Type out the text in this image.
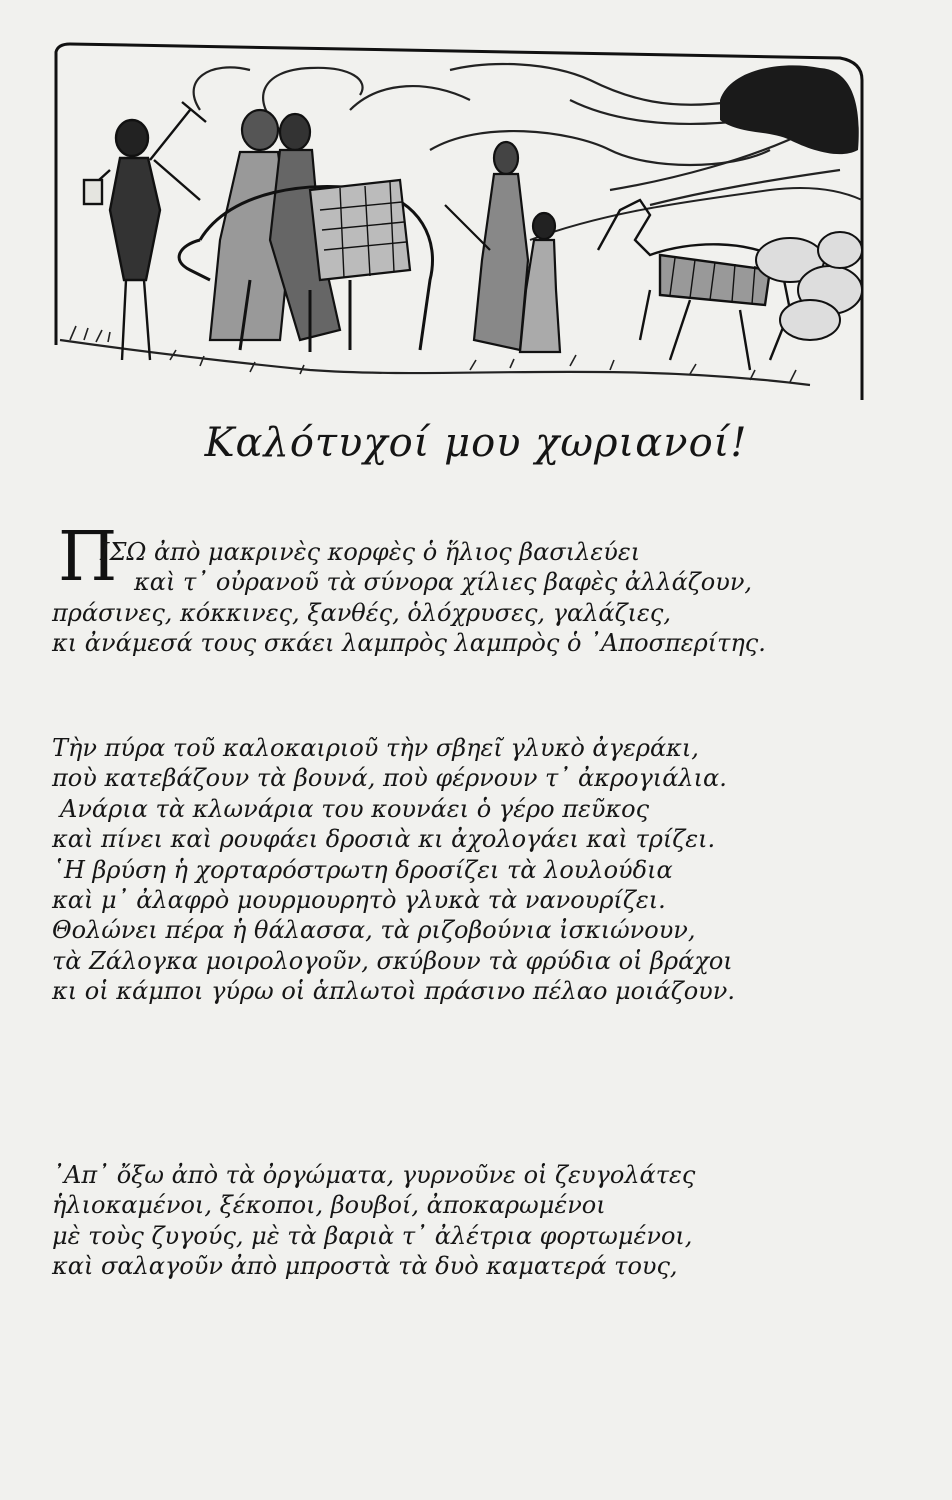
Καλότυχοί μου χωριανοί!
Π
ΙΣΩ ἀπὸ μακρινὲς κορφὲς ὁ ἥλιος βασιλεύει
καὶ τ᾽ οὐρανοῦ τὰ σύνορα χίλιες βαφὲς ἀλλάζουν,
πράσινες, κόκκινες, ξανθές, ὁλόχρυσες, γαλάζιες,
κι ἀνάμεσά τους σκάει λαμπρὸς λαμπρὸς ὁ ᾽Αποσπερίτης.
Τὴν πύρα τοῦ καλοκαιριοῦ τὴν σβηεῖ γλυκὸ ἀγεράκι,
ποὺ κατεβάζουν τὰ βουνά, ποὺ φέρνουν τ᾽ ἀκρογιάλια.
Ανάρια τὰ κλωνάρια του κουνάει ὁ γέρο πεῦκος
καὶ πίνει καὶ ρουφάει δροσιὰ κι ἀχολογάει καὶ τρίζει.
῾Η βρύση ἡ χορταρόστρωτη δροσίζει τὰ λουλούδια
καὶ μ᾽ ἀλαφρὸ μουρμουρητὸ γλυκὰ τὰ νανουρίζει.
Θολώνει πέρα ἡ θάλασσα, τὰ ριζοβούνια ἰσκιώνουν,
τὰ Ζάλογκα μοιρολογοῦν, σκύβουν τὰ φρύδια οἱ βράχοι
κι οἱ κάμποι γύρω οἱ ἁπλωτοὶ πράσινο πέλαο μοιάζουν.
᾽Απ᾽ ὄξω ἀπὸ τὰ ὀργώματα, γυρνοῦνε οἱ ζευγολάτες
ἡλιοκαμένοι, ξέκοποι, βουβοί, ἀποκαρωμένοι
μὲ τοὺς ζυγούς, μὲ τὰ βαριὰ τ᾽ ἀλέτρια φορτωμένοι,
καὶ σαλαγοῦν ἀπὸ μπροστὰ τὰ δυὸ καματερά τους,
